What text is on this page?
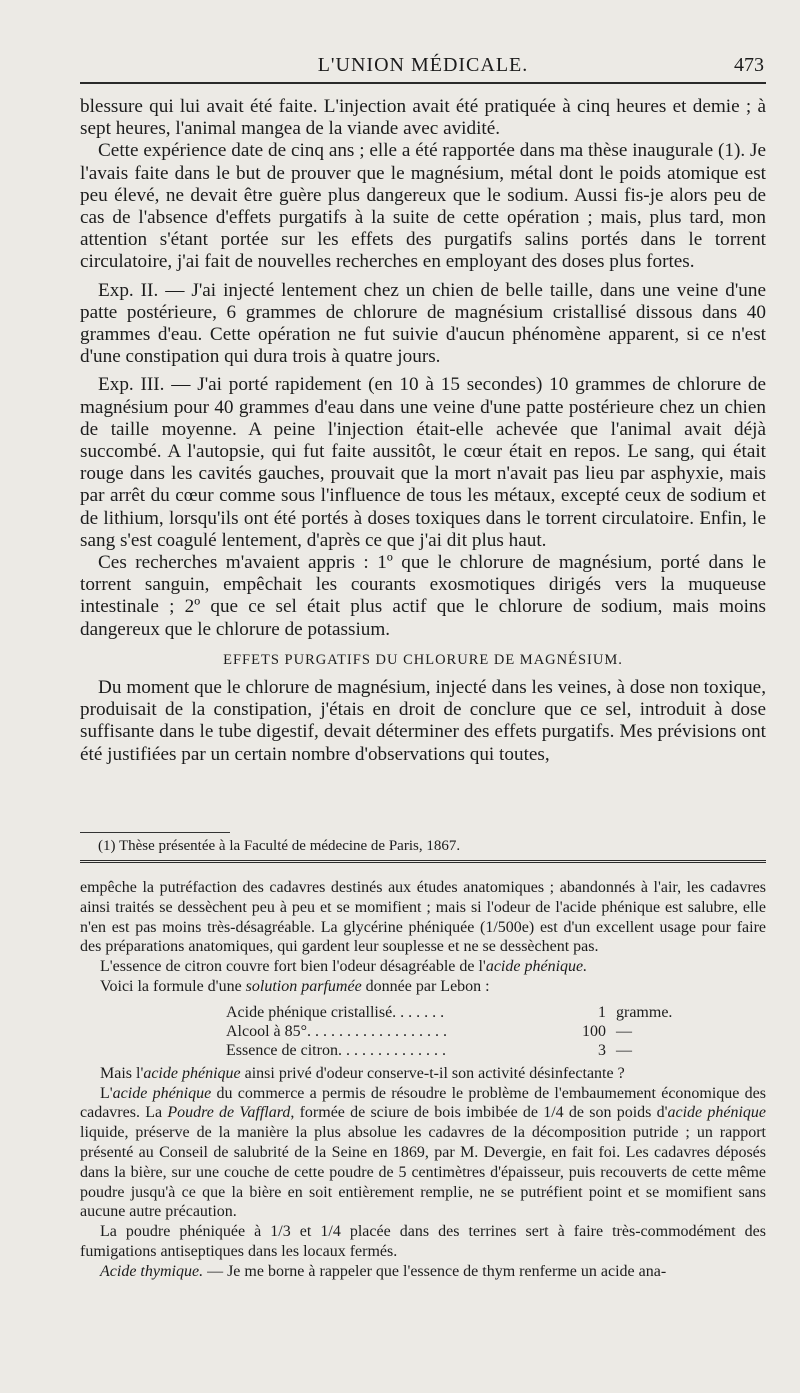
L'UNION MÉDICALE.	473

blessure qui lui avait été faite. L'injection avait été pratiquée à cinq heures et demie ; à sept heures, l'animal mangea de la viande avec avidité.

Cette expérience date de cinq ans ; elle a été rapportée dans ma thèse inaugurale (1). Je l'avais faite dans le but de prouver que le magnésium, métal dont le poids atomique est peu élevé, ne devait être guère plus dangereux que le sodium. Aussi fis-je alors peu de cas de l'absence d'effets purgatifs à la suite de cette opération ; mais, plus tard, mon attention s'étant portée sur les effets des purgatifs salins portés dans le torrent circulatoire, j'ai fait de nouvelles recherches en employant des doses plus fortes.

Exp. II. — J'ai injecté lentement chez un chien de belle taille, dans une veine d'une patte postérieure, 6 grammes de chlorure de magnésium cristallisé dissous dans 40 grammes d'eau. Cette opération ne fut suivie d'aucun phénomène apparent, si ce n'est d'une constipation qui dura trois à quatre jours.

Exp. III. — J'ai porté rapidement (en 10 à 15 secondes) 10 grammes de chlorure de magnésium pour 40 grammes d'eau dans une veine d'une patte postérieure chez un chien de taille moyenne. A peine l'injection était-elle achevée que l'animal avait déjà succombé. A l'autopsie, qui fut faite aussitôt, le cœur était en repos. Le sang, qui était rouge dans les cavités gauches, prouvait que la mort n'avait pas lieu par asphyxie, mais par arrêt du cœur comme sous l'influence de tous les métaux, excepté ceux de sodium et de lithium, lorsqu'ils ont été portés à doses toxiques dans le torrent circulatoire. Enfin, le sang s'est coagulé lentement, d'après ce que j'ai dit plus haut.

Ces recherches m'avaient appris : 1º que le chlorure de magnésium, porté dans le torrent sanguin, empêchait les courants exosmotiques dirigés vers la muqueuse intestinale ; 2º que ce sel était plus actif que le chlorure de sodium, mais moins dangereux que le chlorure de potassium.

EFFETS PURGATIFS DU CHLORURE DE MAGNÉSIUM.

Du moment que le chlorure de magnésium, injecté dans les veines, à dose non toxique, produisait de la constipation, j'étais en droit de conclure que ce sel, introduit à dose suffisante dans le tube digestif, devait déterminer des effets purgatifs. Mes prévisions ont été justifiées par un certain nombre d'observations qui toutes,

(1) Thèse présentée à la Faculté de médecine de Paris, 1867.

empêche la putréfaction des cadavres destinés aux études anatomiques ; abandonnés à l'air, les cadavres ainsi traités se dessèchent peu à peu et se momifient ; mais si l'odeur de l'acide phénique est salubre, elle n'en est pas moins très-désagréable. La glycérine phéniquée (1/500e) est d'un excellent usage pour faire des préparations anatomiques, qui gardent leur souplesse et ne se dessèchent pas.

L'essence de citron couvre fort bien l'odeur désagréable de l'acide phénique.

Voici la formule d'une solution parfumée donnée par Lebon :

Acide phénique cristallisé. . . . . . .	1 gramme.
Alcool à 85°. . . . . . . . . . . . . . . . . .	100 —
Essence de citron. . . . . . . . . . . . . .	3 —

Mais l'acide phénique ainsi privé d'odeur conserve-t-il son activité désinfectante ?

L'acide phénique du commerce a permis de résoudre le problème de l'embaumement économique des cadavres. La Poudre de Vafflard, formée de sciure de bois imbibée de 1/4 de son poids d'acide phénique liquide, préserve de la manière la plus absolue les cadavres de la décomposition putride ; un rapport présenté au Conseil de salubrité de la Seine en 1869, par M. Devergie, en fait foi. Les cadavres déposés dans la bière, sur une couche de cette poudre de 5 centimètres d'épaisseur, puis recouverts de cette même poudre jusqu'à ce que la bière en soit entièrement remplie, ne se putréfient point et se momifient sans aucune autre précaution.

La poudre phéniquée à 1/3 et 1/4 placée dans des terrines sert à faire très-commodément des fumigations antiseptiques dans les locaux fermés.

Acide thymique. — Je me borne à rappeler que l'essence de thym renferme un acide ana-
